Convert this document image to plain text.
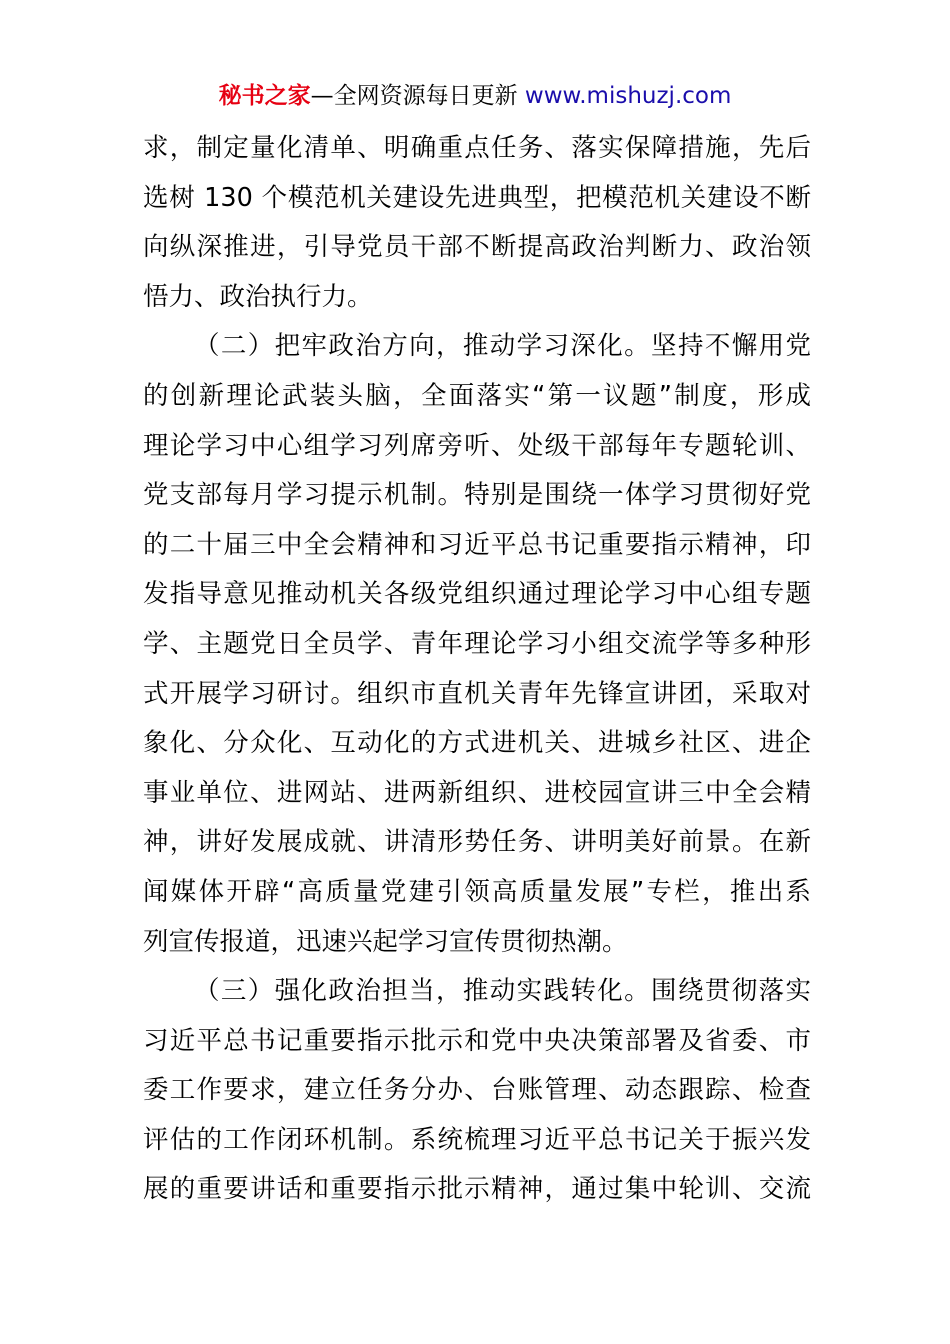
秘书之家—全网资源每日更新 www.mishuzj.com
求，制定量化清单、明确重点任务、落实保障措施，先后
选树 130 个模范机关建设先进典型，把模范机关建设不断
向纵深推进，引导党员干部不断提高政治判断力、政治领
悟力、政治执行力。
（二）把牢政治方向，推动学习深化。坚持不懈用党
的创新理论武装头脑，全面落实“第一议题”制度，形成
理论学习中心组学习列席旁听、处级干部每年专题轮训、
党支部每月学习提示机制。特别是围绕一体学习贯彻好党
的二十届三中全会精神和习近平总书记重要指示精神，印
发指导意见推动机关各级党组织通过理论学习中心组专题
学、主题党日全员学、青年理论学习小组交流学等多种形
式开展学习研讨。组织市直机关青年先锋宣讲团，采取对
象化、分众化、互动化的方式进机关、进城乡社区、进企
事业单位、进网站、进两新组织、进校园宣讲三中全会精
神，讲好发展成就、讲清形势任务、讲明美好前景。在新
闻媒体开辟“高质量党建引领高质量发展”专栏，推出系
列宣传报道，迅速兴起学习宣传贯彻热潮。
（三）强化政治担当，推动实践转化。围绕贯彻落实
习近平总书记重要指示批示和党中央决策部署及省委、市
委工作要求，建立任务分办、台账管理、动态跟踪、检查
评估的工作闭环机制。系统梳理习近平总书记关于振兴发
展的重要讲话和重要指示批示精神，通过集中轮训、交流
